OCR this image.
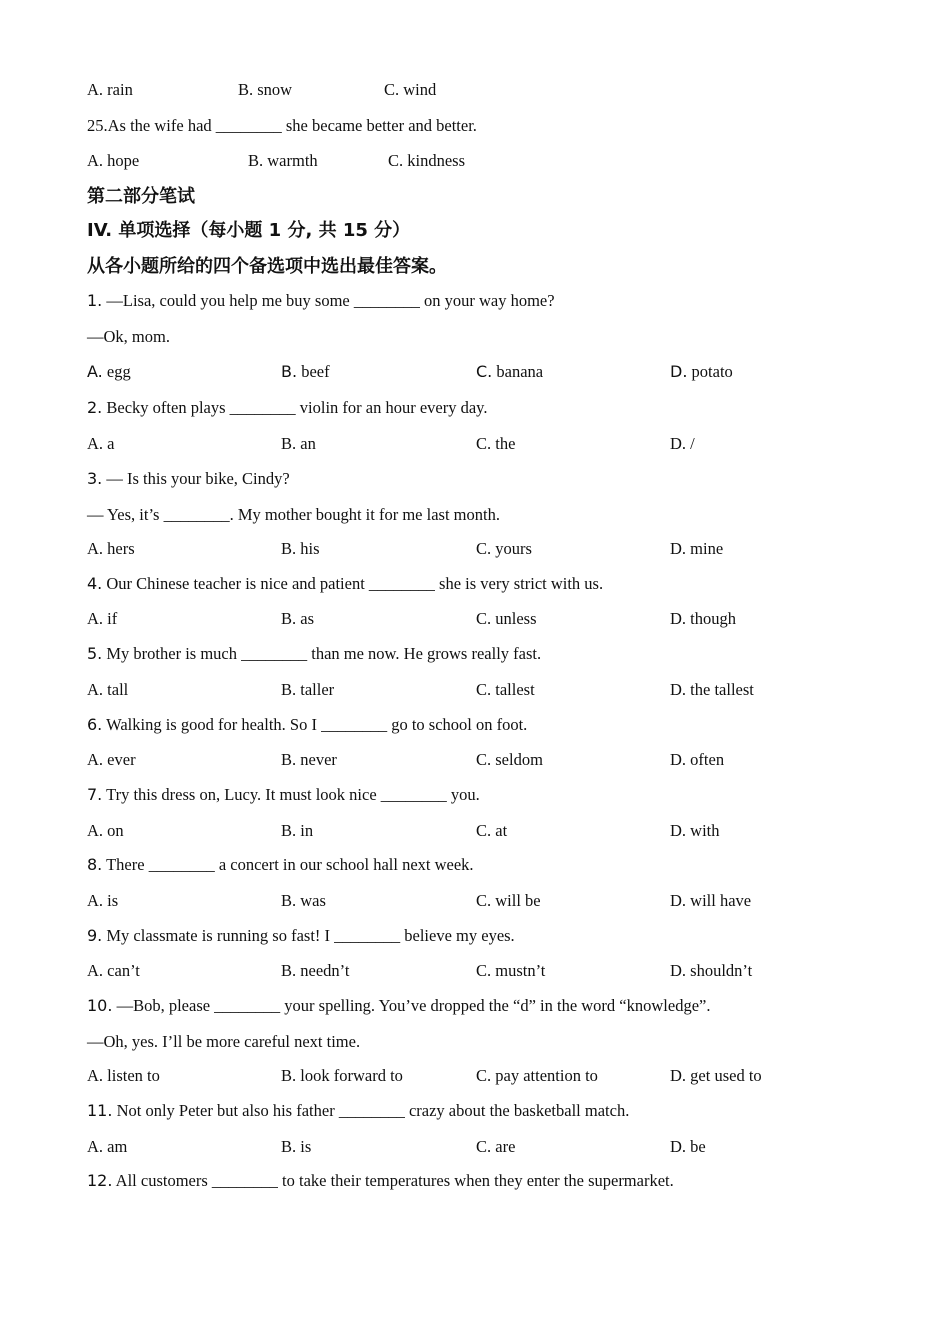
A. rain	B. snow	C. wind
25.As the wife had ________ she became better and better.
A. hope	B. warmth	C. kindness
第二部分笔试
IV. 单项选择（每小题 1 分, 共 15 分）
从各小题所给的四个备选项中选出最佳答案。
1. —Lisa, could you help me buy some ________ on your way home?
—Ok, mom.
A. egg	B. beef	C. banana	D. potato
2. Becky often plays ________ violin for an hour every day.
A. a	B. an	C. the	D. /
3. — Is this your bike, Cindy?
— Yes, it’s ________. My mother bought it for me last month.
A. hers	B. his	C. yours	D. mine
4. Our Chinese teacher is nice and patient ________ she is very strict with us.
A. if	B. as	C. unless	D. though
5. My brother is much ________ than me now. He grows really fast.
A. tall	B. taller	C. tallest	D. the tallest
6. Walking is good for health. So I ________ go to school on foot.
A. ever	B. never	C. seldom	D. often
7. Try this dress on, Lucy. It must look nice ________ you.
A. on	B. in	C. at	D. with
8. There ________ a concert in our school hall next week.
A. is	B. was	C. will be	D. will have
9. My classmate is running so fast! I ________ believe my eyes.
A. can’t	B. needn’t	C. mustn’t	D. shouldn’t
10. —Bob, please ________ your spelling. You’ve dropped the “d” in the word “knowledge”.
—Oh, yes. I’ll be more careful next time.
A. listen to	B. look forward to	C. pay attention to	D. get used to
11. Not only Peter but also his father ________ crazy about the basketball match.
A. am	B. is	C. are	D. be
12. All customers ________ to take their temperatures when they enter the supermarket.
